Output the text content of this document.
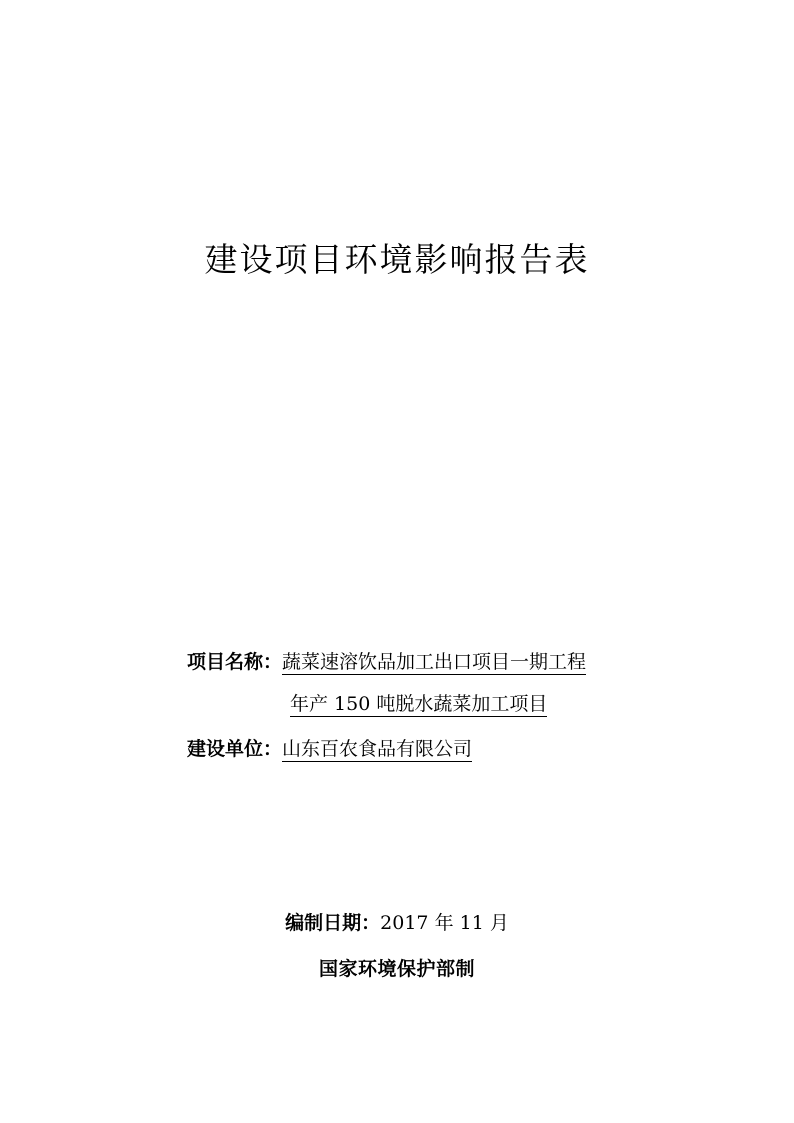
建设项目环境影响报告表
项目名称：蔬菜速溶饮品加工出口项目一期工程
年产 150 吨脱水蔬菜加工项目
建设单位：山东百农食品有限公司
编制日期：2017 年 11 月
国家环境保护部制
